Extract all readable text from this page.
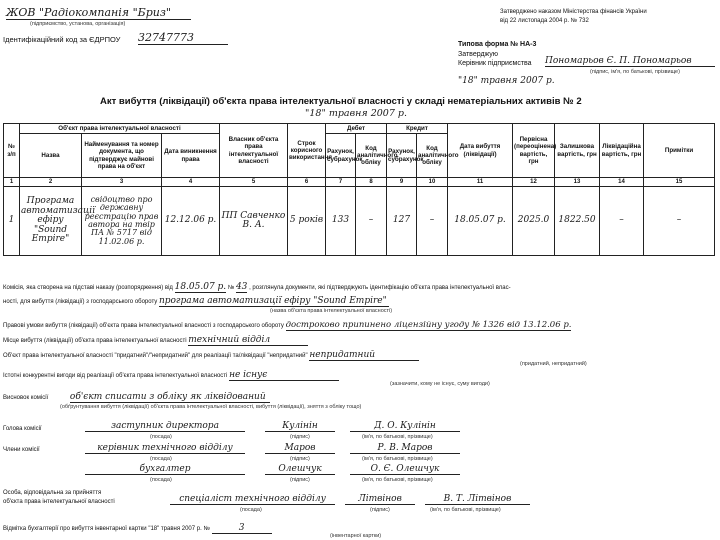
ЖОВ "Радіокомпанія "Бриз"
(підприємство, установа, організація)
Ідентифікаційний код за ЄДРПОУ 32747773
Затверджено наказом Міністерства фінансів України
від 22 листопада 2004 р. № 732
Типова форма № НА-3
Затверджую
Керівник підприємства Пономарьов Є. П. Пономарьов
(підпис, ім'я, по батькові, прізвище)
"18" травня 2007 р.
Акт вибуття (ліквідації) об'єкта права інтелектуальної власності у складі нематеріальних активів № 2
"18" травня 2007 р.
№ з/п	Об'єкт права інтелектуальної власності			Власник об'єкта права інтелектуальної власності	Строк корисного використання	Дебет		Кредит		Дата вибуття (ліквідації)	Первісна (переоцінена) вартість, грн	Залишкова вартість, грн	Ліквідаційна вартість, грн	Примітки
	Назва	Найменування та номер документа, що підтверджує майнові права на об'єкт	Дата виникнення права			Рахунок, субрахунок	Код аналітичного обліку	Рахунок, субрахунок	Код аналітичного обліку					
1	2	3	4	5	6	7	8	9	10	11	12	13	14	15
1	Програма автоматизації ефіру "Sound Empire"	свідоцтво про державну реєстрацію прав автора на твір ПА № 5717 від 11.02.06 р.	12.12.06 р.	ПП Савченко В. А.	5 років	133	–	127	–	18.05.07 р.	2025.0	1822.50	–	–
Комісія, яка створена на підставі наказу (розпорядження) від 18.05.07 р. № 43 , розглянула документи, які підтверджують ідентифікацію об'єкта права інтелектуальної влас-
ності, для вибуття (ліквідації) з господарського обороту програма автоматизації ефіру "Sound Empire"
(назва об'єкта права інтелектуальної власності)
Правові умови вибуття (ліквідації) об'єкта права інтелектуальної власності з господарського обороту достроково припинено ліцензійну угоду № 1326 від 13.12.06 р.
Місце вибуття (ліквідації) об'єкта права інтелектуальної власності технічний відділ
Об'єкт права інтелектуальної власності "придатний"/"непридатний" для реалізації та/ліквідації "непридатний" непридатний
(придатний, непридатний)
Істотні конкурентні вигоди від реалізації об'єкта права інтелектуальної власності не існує
(зазначити, кому не існує, суму вигоди)
Висновок комісії об'єкт списати з обліку як ліквідований
(обґрунтування вибуття (ліквідації) об'єкта права інтелектуальної власності, вибуття (ліквідації), зняття з обліку тощо)
Голова комісії
Члени комісії
заступник директора	Кулінін	Д. О. Кулінін
(посада)	(підпис)	(ім'я, по батькові, прізвище)
керівник технічного відділу	Маров	Р. В. Маров
(посада)	(підпис)	(ім'я, по батькові, прізвище)
бухгалтер	Олешчук	О. Є. Олешчук
(посада)	(підпис)	(ім'я, по батькові, прізвище)
Особа, відповідальна за прийняття
об'єкта права інтелектуальної власності	спеціаліст технічного відділу	Літвінов	В. Т. Літвінов
(посада)	(підпис)	(ім'я, по батькові, прізвище)
Відмітка бухгалтерії про вибуття інвентарної картки "18" травня 2007 р. №	3
(інвентарної картки)
